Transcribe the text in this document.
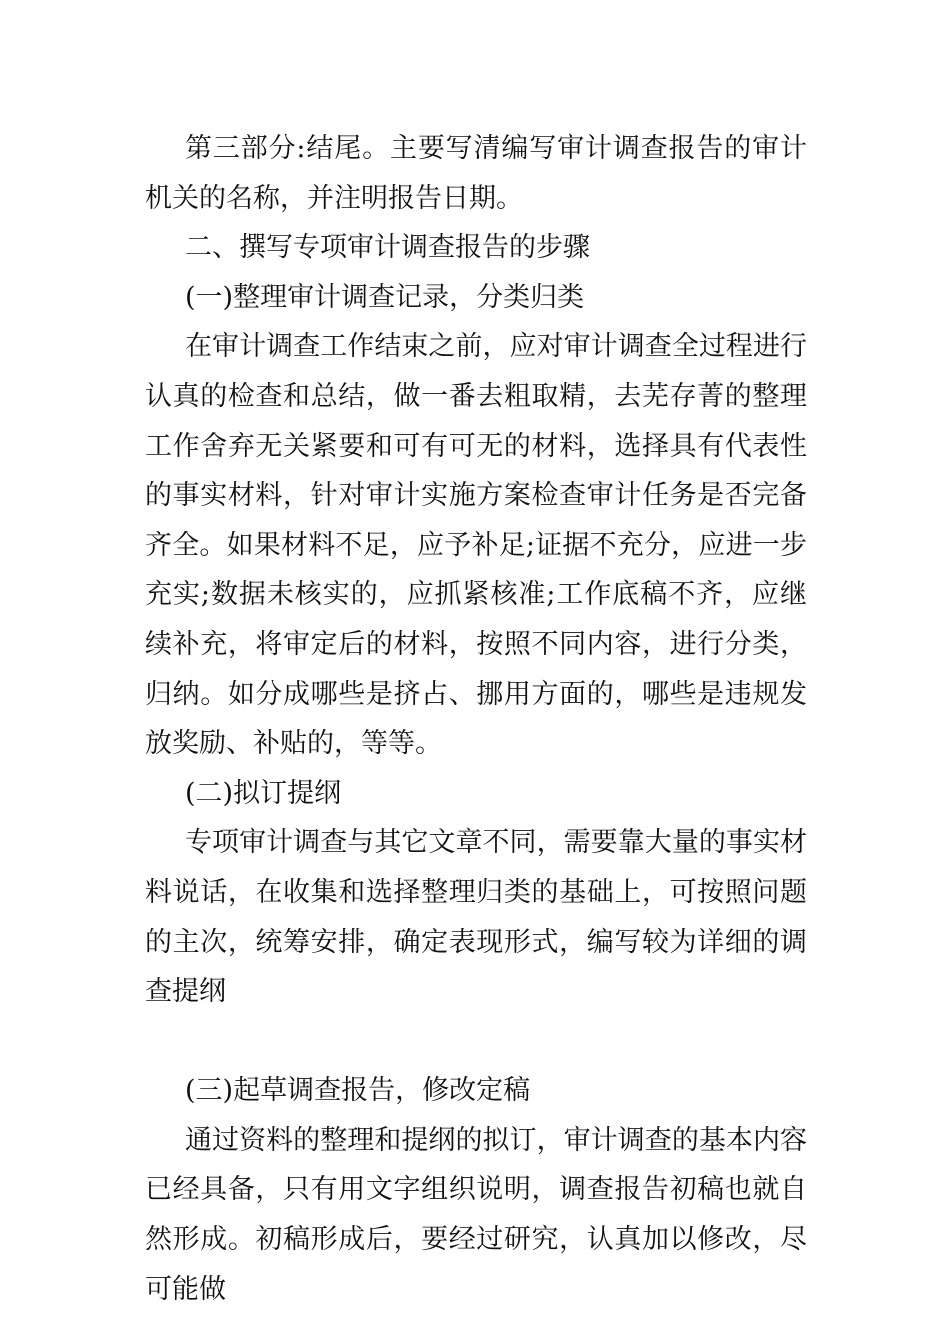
第三部分:结尾。主要写清编写审计调查报告的审计机关的名称，并注明报告日期。

二、撰写专项审计调查报告的步骤

(一)整理审计调查记录，分类归类

在审计调查工作结束之前，应对审计调查全过程进行认真的检查和总结，做一番去粗取精，去芜存菁的整理工作舍弃无关紧要和可有可无的材料，选择具有代表性的事实材料，针对审计实施方案检查审计任务是否完备齐全。如果材料不足，应予补足;证据不充分，应进一步充实;数据未核实的，应抓紧核准;工作底稿不齐，应继续补充，将审定后的材料，按照不同内容，进行分类，归纳。如分成哪些是挤占、挪用方面的，哪些是违规发放奖励、补贴的，等等。

(二)拟订提纲

专项审计调查与其它文章不同，需要靠大量的事实材料说话，在收集和选择整理归类的基础上，可按照问题的主次，统筹安排，确定表现形式，编写较为详细的调查提纲

(三)起草调查报告，修改定稿

通过资料的整理和提纲的拟订，审计调查的基本内容已经具备，只有用文字组织说明，调查报告初稿也就自然形成。初稿形成后，要经过研究，认真加以修改，尽可能做
